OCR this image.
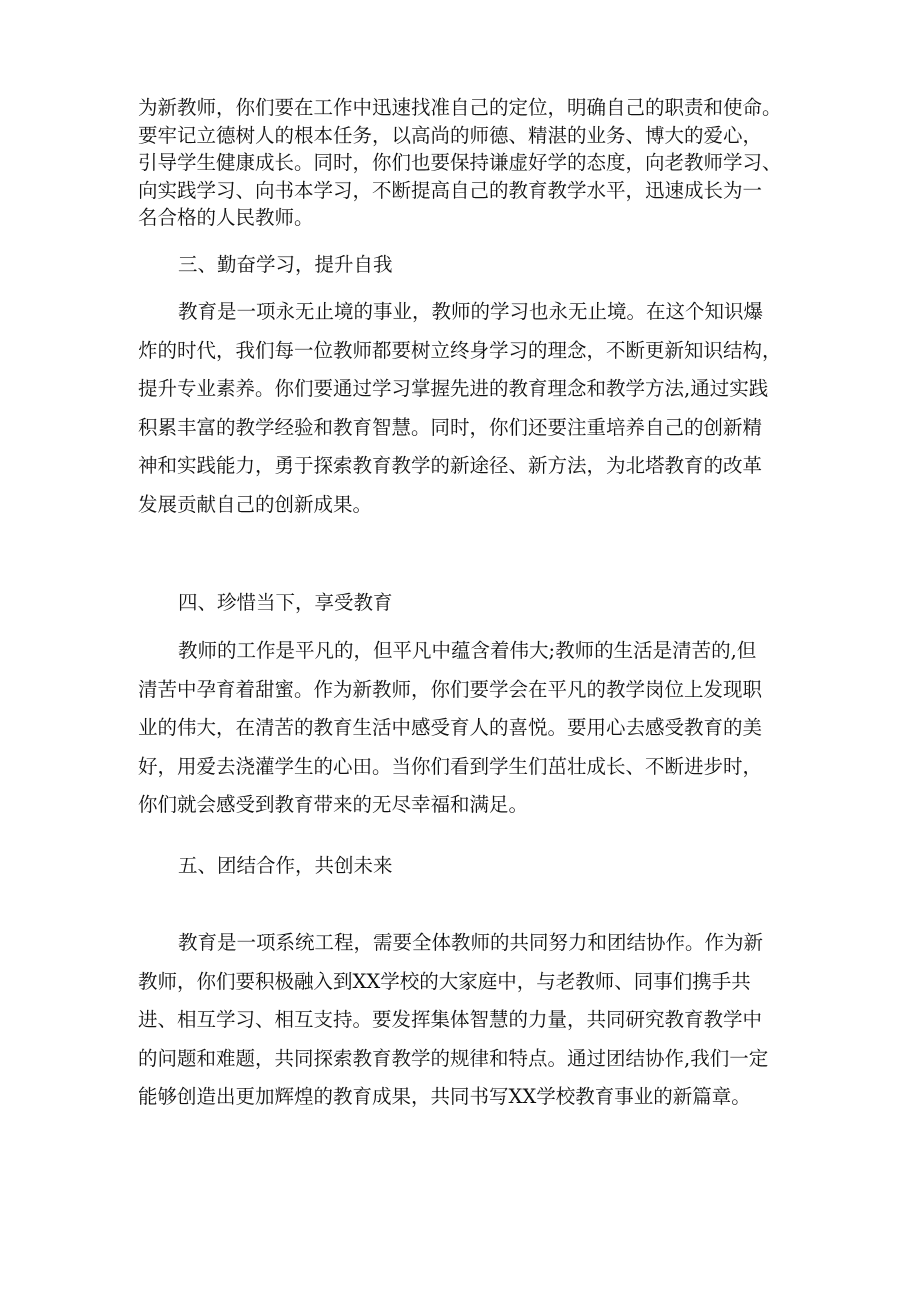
为新教师，你们要在工作中迅速找准自己的定位，明确自己的职责和使命。
要牢记立德树人的根本任务，以高尚的师德、精湛的业务、博大的爱心，
引导学生健康成长。同时，你们也要保持谦虚好学的态度，向老教师学习、
向实践学习、向书本学习，不断提高自己的教育教学水平，迅速成长为一
名合格的人民教师。
三、勤奋学习，提升自我
教育是一项永无止境的事业，教师的学习也永无止境。在这个知识爆
炸的时代，我们每一位教师都要树立终身学习的理念，不断更新知识结构，
提升专业素养。你们要通过学习掌握先进的教育理念和教学方法,通过实践
积累丰富的教学经验和教育智慧。同时，你们还要注重培养自己的创新精
神和实践能力，勇于探索教育教学的新途径、新方法，为北塔教育的改革
发展贡献自己的创新成果。
四、珍惜当下，享受教育
教师的工作是平凡的，但平凡中蕴含着伟大;教师的生活是清苦的,但
清苦中孕育着甜蜜。作为新教师，你们要学会在平凡的教学岗位上发现职
业的伟大，在清苦的教育生活中感受育人的喜悦。要用心去感受教育的美
好，用爱去浇灌学生的心田。当你们看到学生们茁壮成长、不断进步时，
你们就会感受到教育带来的无尽幸福和满足。
五、团结合作，共创未来
教育是一项系统工程，需要全体教师的共同努力和团结协作。作为新
教师，你们要积极融入到XX学校的大家庭中，与老教师、同事们携手共
进、相互学习、相互支持。要发挥集体智慧的力量，共同研究教育教学中
的问题和难题，共同探索教育教学的规律和特点。通过团结协作,我们一定
能够创造出更加辉煌的教育成果，共同书写XX学校教育事业的新篇章。
